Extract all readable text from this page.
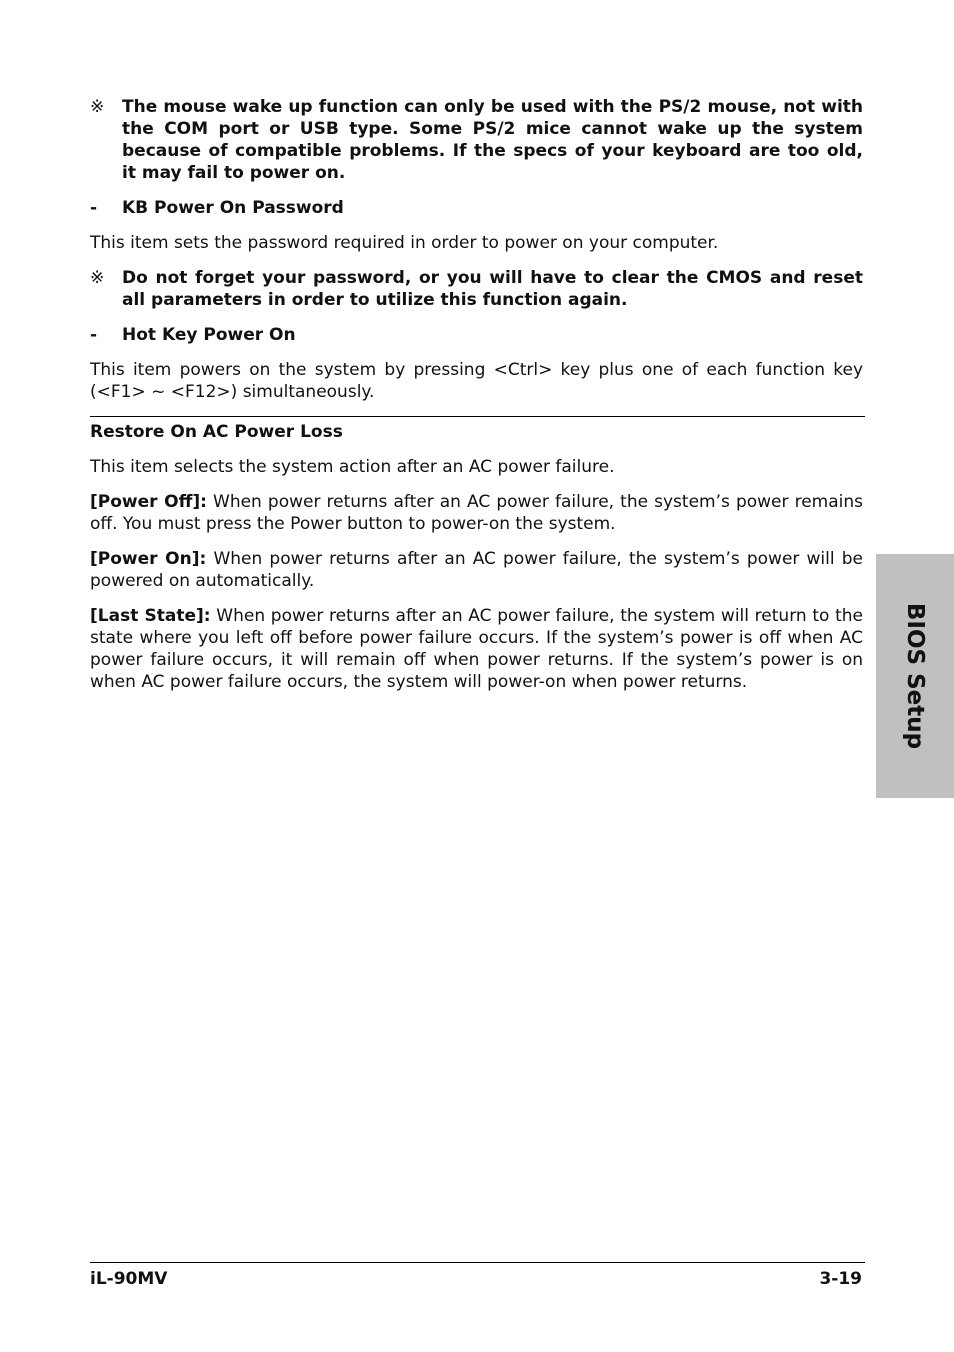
※	The mouse wake up function can only be used with the PS/2 mouse, not with the COM port or USB type. Some PS/2 mice cannot wake up the system because of compatible problems. If the specs of your keyboard are too old, it may fail to power on.
-	KB Power On Password

This item sets the password required in order to power on your computer.

※	Do not forget your password, or you will have to clear the CMOS and reset all parameters in order to utilize this function again.
-	Hot Key Power On

This item powers on the system by pressing <Ctrl> key plus one of each function key (<F1> ~ <F12>) simultaneously.

Restore On AC Power Loss

This item selects the system action after an AC power failure.

[Power Off]: When power returns after an AC power failure, the system’s power remains off. You must press the Power button to power-on the system.

[Power On]: When power returns after an AC power failure, the system’s power will be powered on automatically.

[Last State]: When power returns after an AC power failure, the system will return to the state where you left off before power failure occurs. If the system’s power is off when AC power failure occurs, it will remain off when power returns. If the system’s power is on when AC power failure occurs, the system will power-on when power returns.	BIOS Setup
iL-90MV	3-19
